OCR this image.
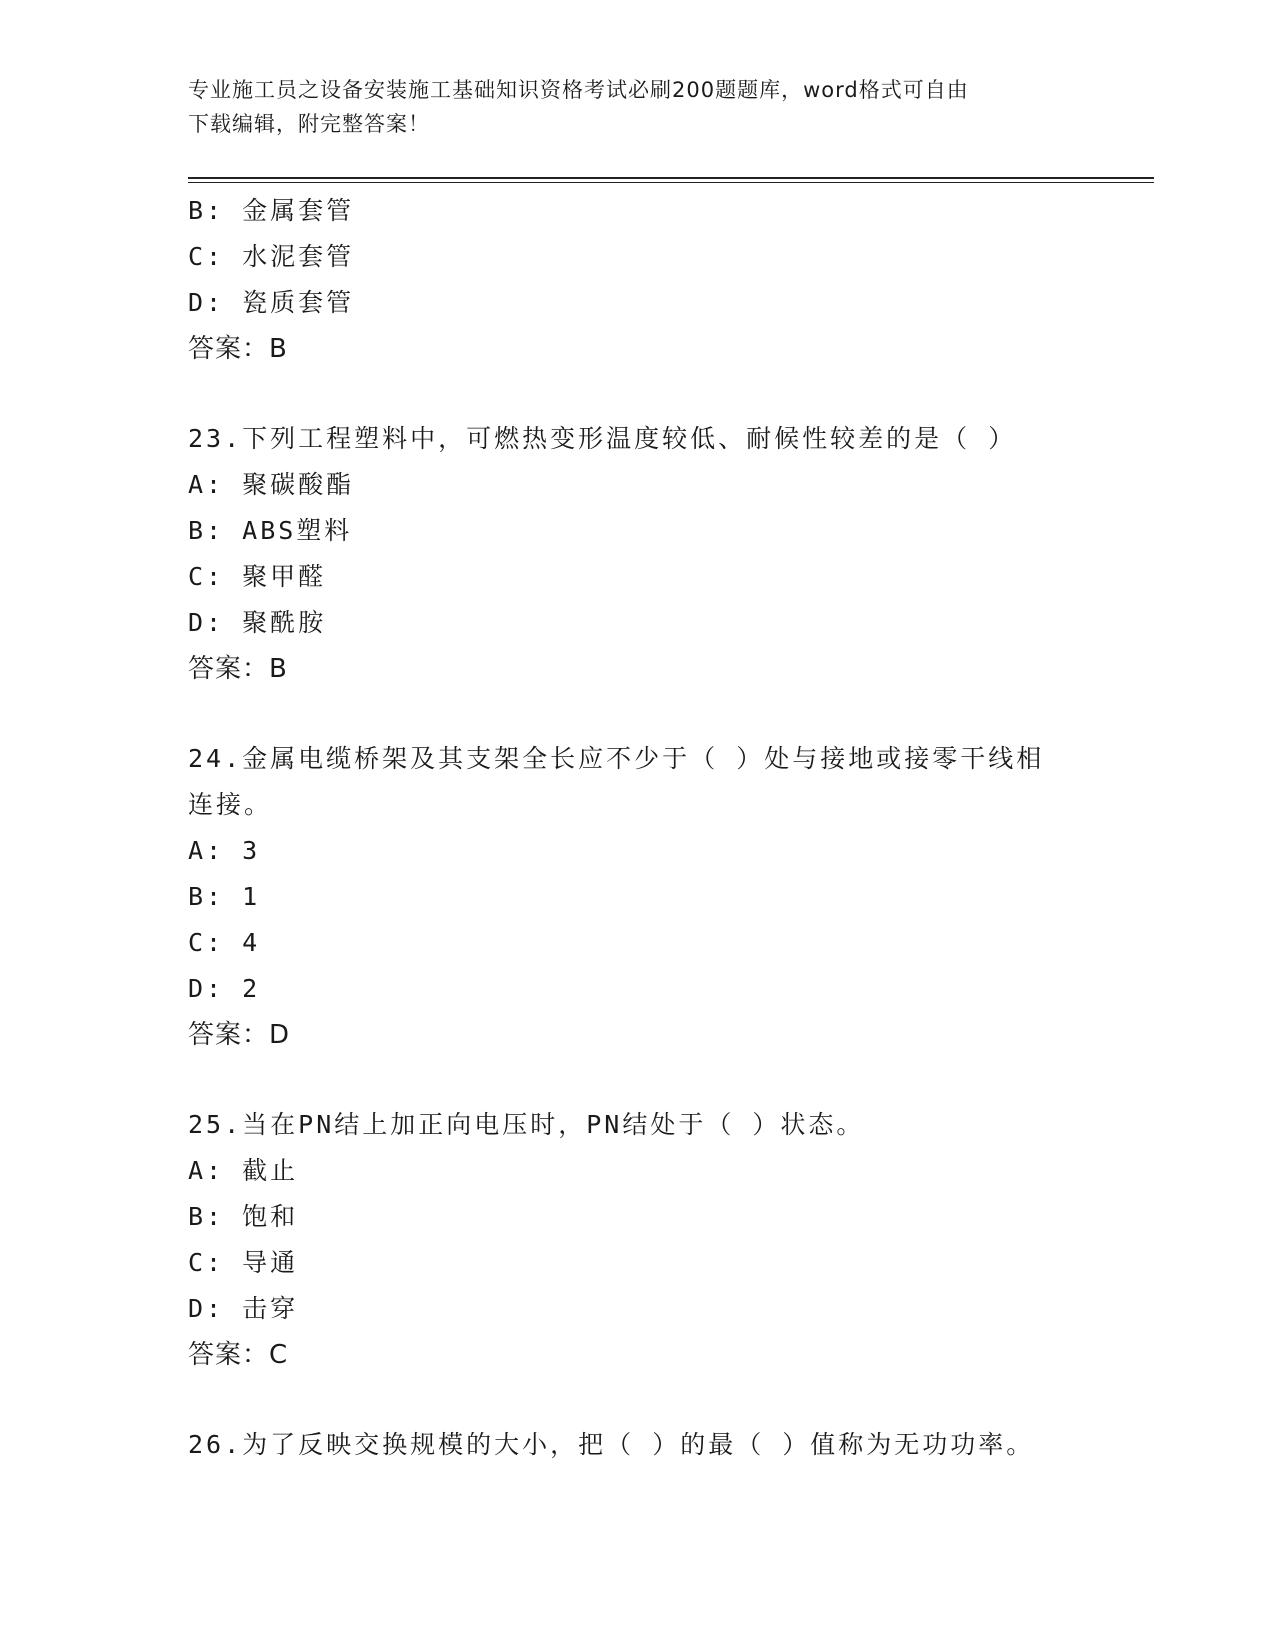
专业施工员之设备安装施工基础知识资格考试必刷200题题库，word格式可自由
下载编辑，附完整答案！
B: 金属套管
C: 水泥套管
D: 瓷质套管
答案：B
23.下列工程塑料中，可燃热变形温度较低、耐候性较差的是（ ）
A: 聚碳酸酯
B: ABS塑料
C: 聚甲醛
D: 聚酰胺
答案：B
24.金属电缆桥架及其支架全长应不少于（ ）处与接地或接零干线相
连接。
A: 3
B: 1
C: 4
D: 2
答案：D
25.当在PN结上加正向电压时，PN结处于（ ）状态。
A: 截止
B: 饱和
C: 导通
D: 击穿
答案：C
26.为了反映交换规模的大小，把（ ）的最（ ）值称为无功功率。
